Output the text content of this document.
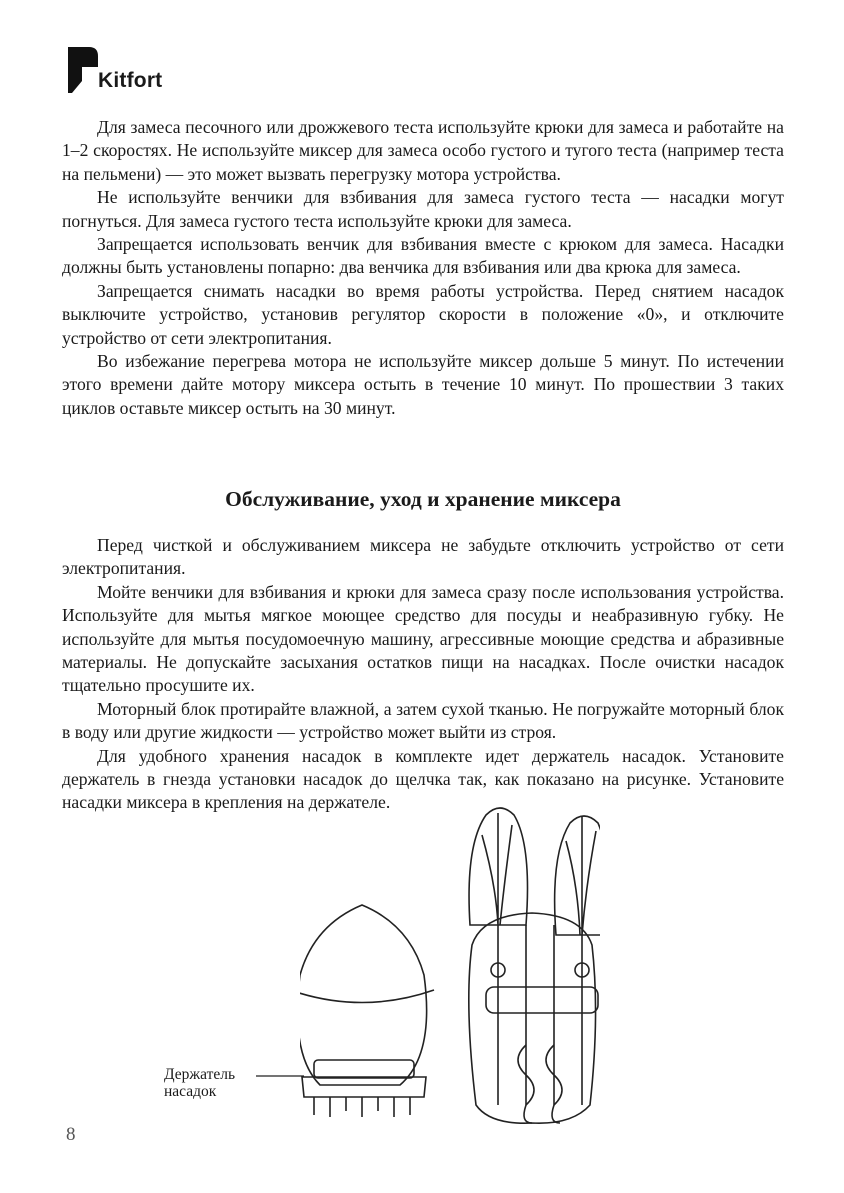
Kitfort

Для замеса песочного или дрожжевого теста используйте крюки для замеса и работайте на 1–2 скоростях. Не используйте миксер для замеса особо густого и тугого теста (например теста на пельмени) — это может вызвать перегрузку мотора устройства.

Не используйте венчики для взбивания для замеса густого теста — насадки могут погнуться. Для замеса густого теста используйте крюки для замеса.

Запрещается использовать венчик для взбивания вместе с крюком для замеса. Насадки должны быть установлены попарно: два венчика для взбивания или два крюка для замеса.

Запрещается снимать насадки во время работы устройства. Перед снятием насадок выключите устройство, установив регулятор скорости в положение «0», и отключите устройство от сети электропитания.

Во избежание перегрева мотора не используйте миксер дольше 5 минут. По истечении этого времени дайте мотору миксера остыть в течение 10 минут. По прошествии 3 таких циклов оставьте миксер остыть на 30 минут.

Обслуживание, уход и хранение миксера

Перед чисткой и обслуживанием миксера не забудьте отключить устройство от сети электропитания.

Мойте венчики для взбивания и крюки для замеса сразу после использования устройства. Используйте для мытья мягкое моющее средство для посуды и неабразивную губку. Не используйте для мытья посудомоечную машину, агрессивные моющие средства и абразивные материалы. Не допускайте засыхания остатков пищи на насадках. После очистки насадок тщательно просушите их.

Моторный блок протирайте влажной, а затем сухой тканью. Не погружайте моторный блок в воду или другие жидкости — устройство может выйти из строя.

Для удобного хранения насадок в комплекте идет держатель насадок. Установите держатель в гнезда установки насадок до щелчка так, как показано на рисунке. Установите насадки миксера в крепления на держателе.

Держатель
насадок
8
